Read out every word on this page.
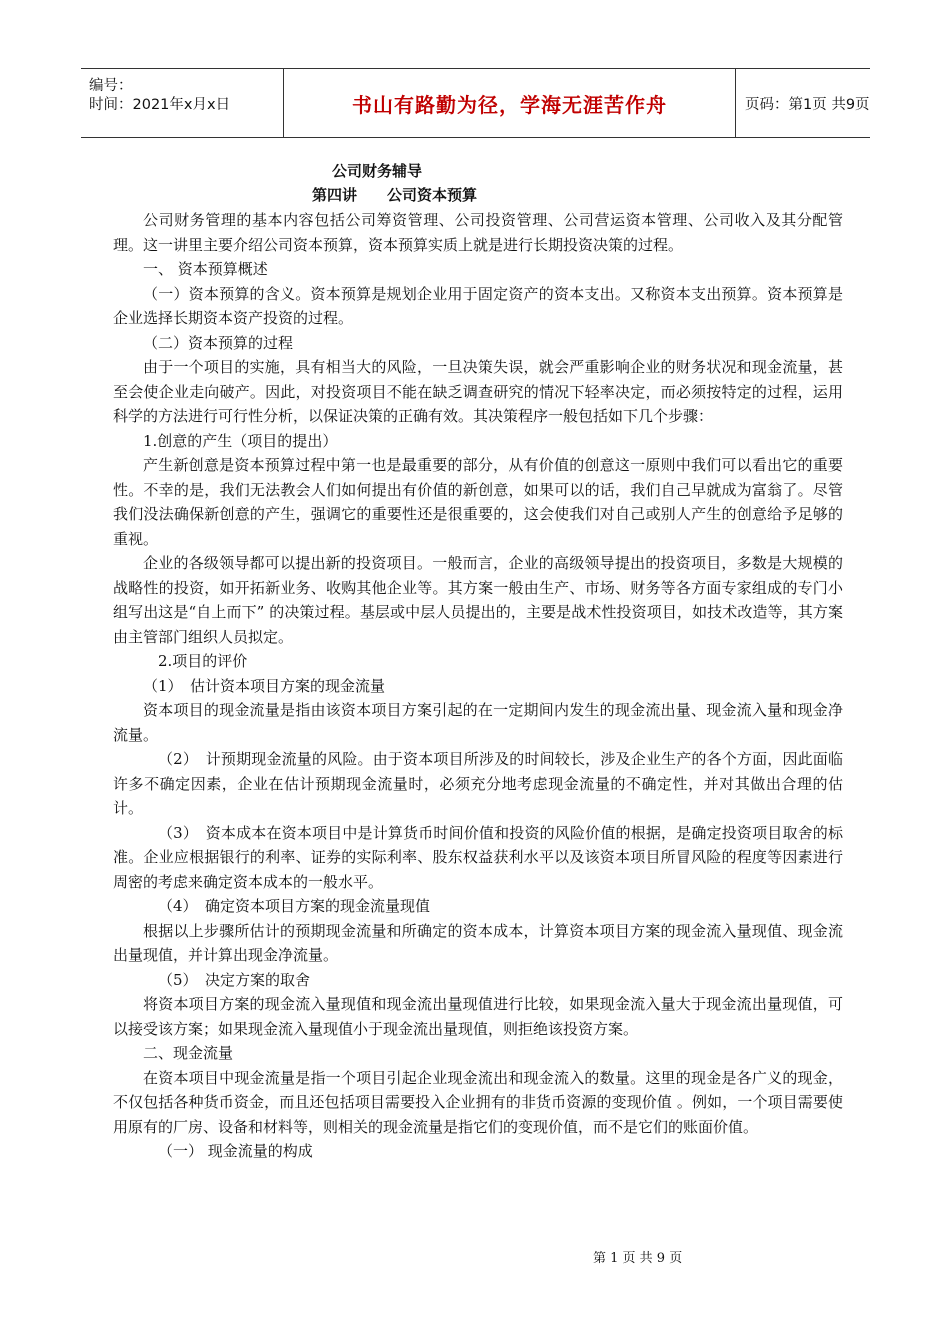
编号：
时间：2021年x月x日	书山有路勤为径，学海无涯苦作舟	页码：第1页 共9页
公司财务辅导
第四讲　　公司资本预算

公司财务管理的基本内容包括公司筹资管理、公司投资管理、公司营运资本管理、公司收入及其分配管理。这一讲里主要介绍公司资本预算，资本预算实质上就是进行长期投资决策的过程。

一、 资本预算概述

（一）资本预算的含义。资本预算是规划企业用于固定资产的资本支出。又称资本支出预算。资本预算是企业选择长期资本资产投资的过程。

（二）资本预算的过程

由于一个项目的实施，具有相当大的风险，一旦决策失误，就会严重影响企业的财务状况和现金流量，甚至会使企业走向破产。因此，对投资项目不能在缺乏调查研究的情况下轻率决定，而必须按特定的过程，运用科学的方法进行可行性分析，以保证决策的正确有效。其决策程序一般包括如下几个步骤：

1.创意的产生（项目的提出）

产生新创意是资本预算过程中第一也是最重要的部分，从有价值的创意这一原则中我们可以看出它的重要性。不幸的是，我们无法教会人们如何提出有价值的新创意，如果可以的话，我们自己早就成为富翁了。尽管我们没法确保新创意的产生，强调它的重要性还是很重要的，这会使我们对自己或别人产生的创意给予足够的重视。

企业的各级领导都可以提出新的投资项目。一般而言，企业的高级领导提出的投资项目，多数是大规模的战略性的投资，如开拓新业务、收购其他企业等。其方案一般由生产、市场、财务等各方面专家组成的专门小组写出这是“自上而下” 的决策过程。基层或中层人员提出的，主要是战术性投资项目，如技术改造等，其方案由主管部门组织人员拟定。

2.项目的评价

（1）　估计资本项目方案的现金流量

资本项目的现金流量是指由该资本项目方案引起的在一定期间内发生的现金流出量、现金流入量和现金净流量。

（2）　计预期现金流量的风险。由于资本项目所涉及的时间较长，涉及企业生产的各个方面，因此面临许多不确定因素，企业在估计预期现金流量时，必须充分地考虑现金流量的不确定性，并对其做出合理的估计。

（3）　资本成本在资本项目中是计算货币时间价值和投资的风险价值的根据，是确定投资项目取舍的标准。企业应根据银行的利率、证券的实际利率、股东权益获利水平以及该资本项目所冒风险的程度等因素进行周密的考虑来确定资本成本的一般水平。

（4）　确定资本项目方案的现金流量现值

根据以上步骤所估计的预期现金流量和所确定的资本成本，计算资本项目方案的现金流入量现值、现金流出量现值，并计算出现金净流量。

（5）　决定方案的取舍

将资本项目方案的现金流入量现值和现金流出量现值进行比较，如果现金流入量大于现金流出量现值，可以接受该方案；如果现金流入量现值小于现金流出量现值，则拒绝该投资方案。

二、现金流量

在资本项目中现金流量是指一个项目引起企业现金流出和现金流入的数量。这里的现金是各广义的现金，不仅包括各种货币资金，而且还包括项目需要投入企业拥有的非货币资源的变现价值 。例如，一个项目需要使用原有的厂房、设备和材料等，则相关的现金流量是指它们的变现价值，而不是它们的账面价值。

（一） 现金流量的构成

第 1 页 共 9 页
